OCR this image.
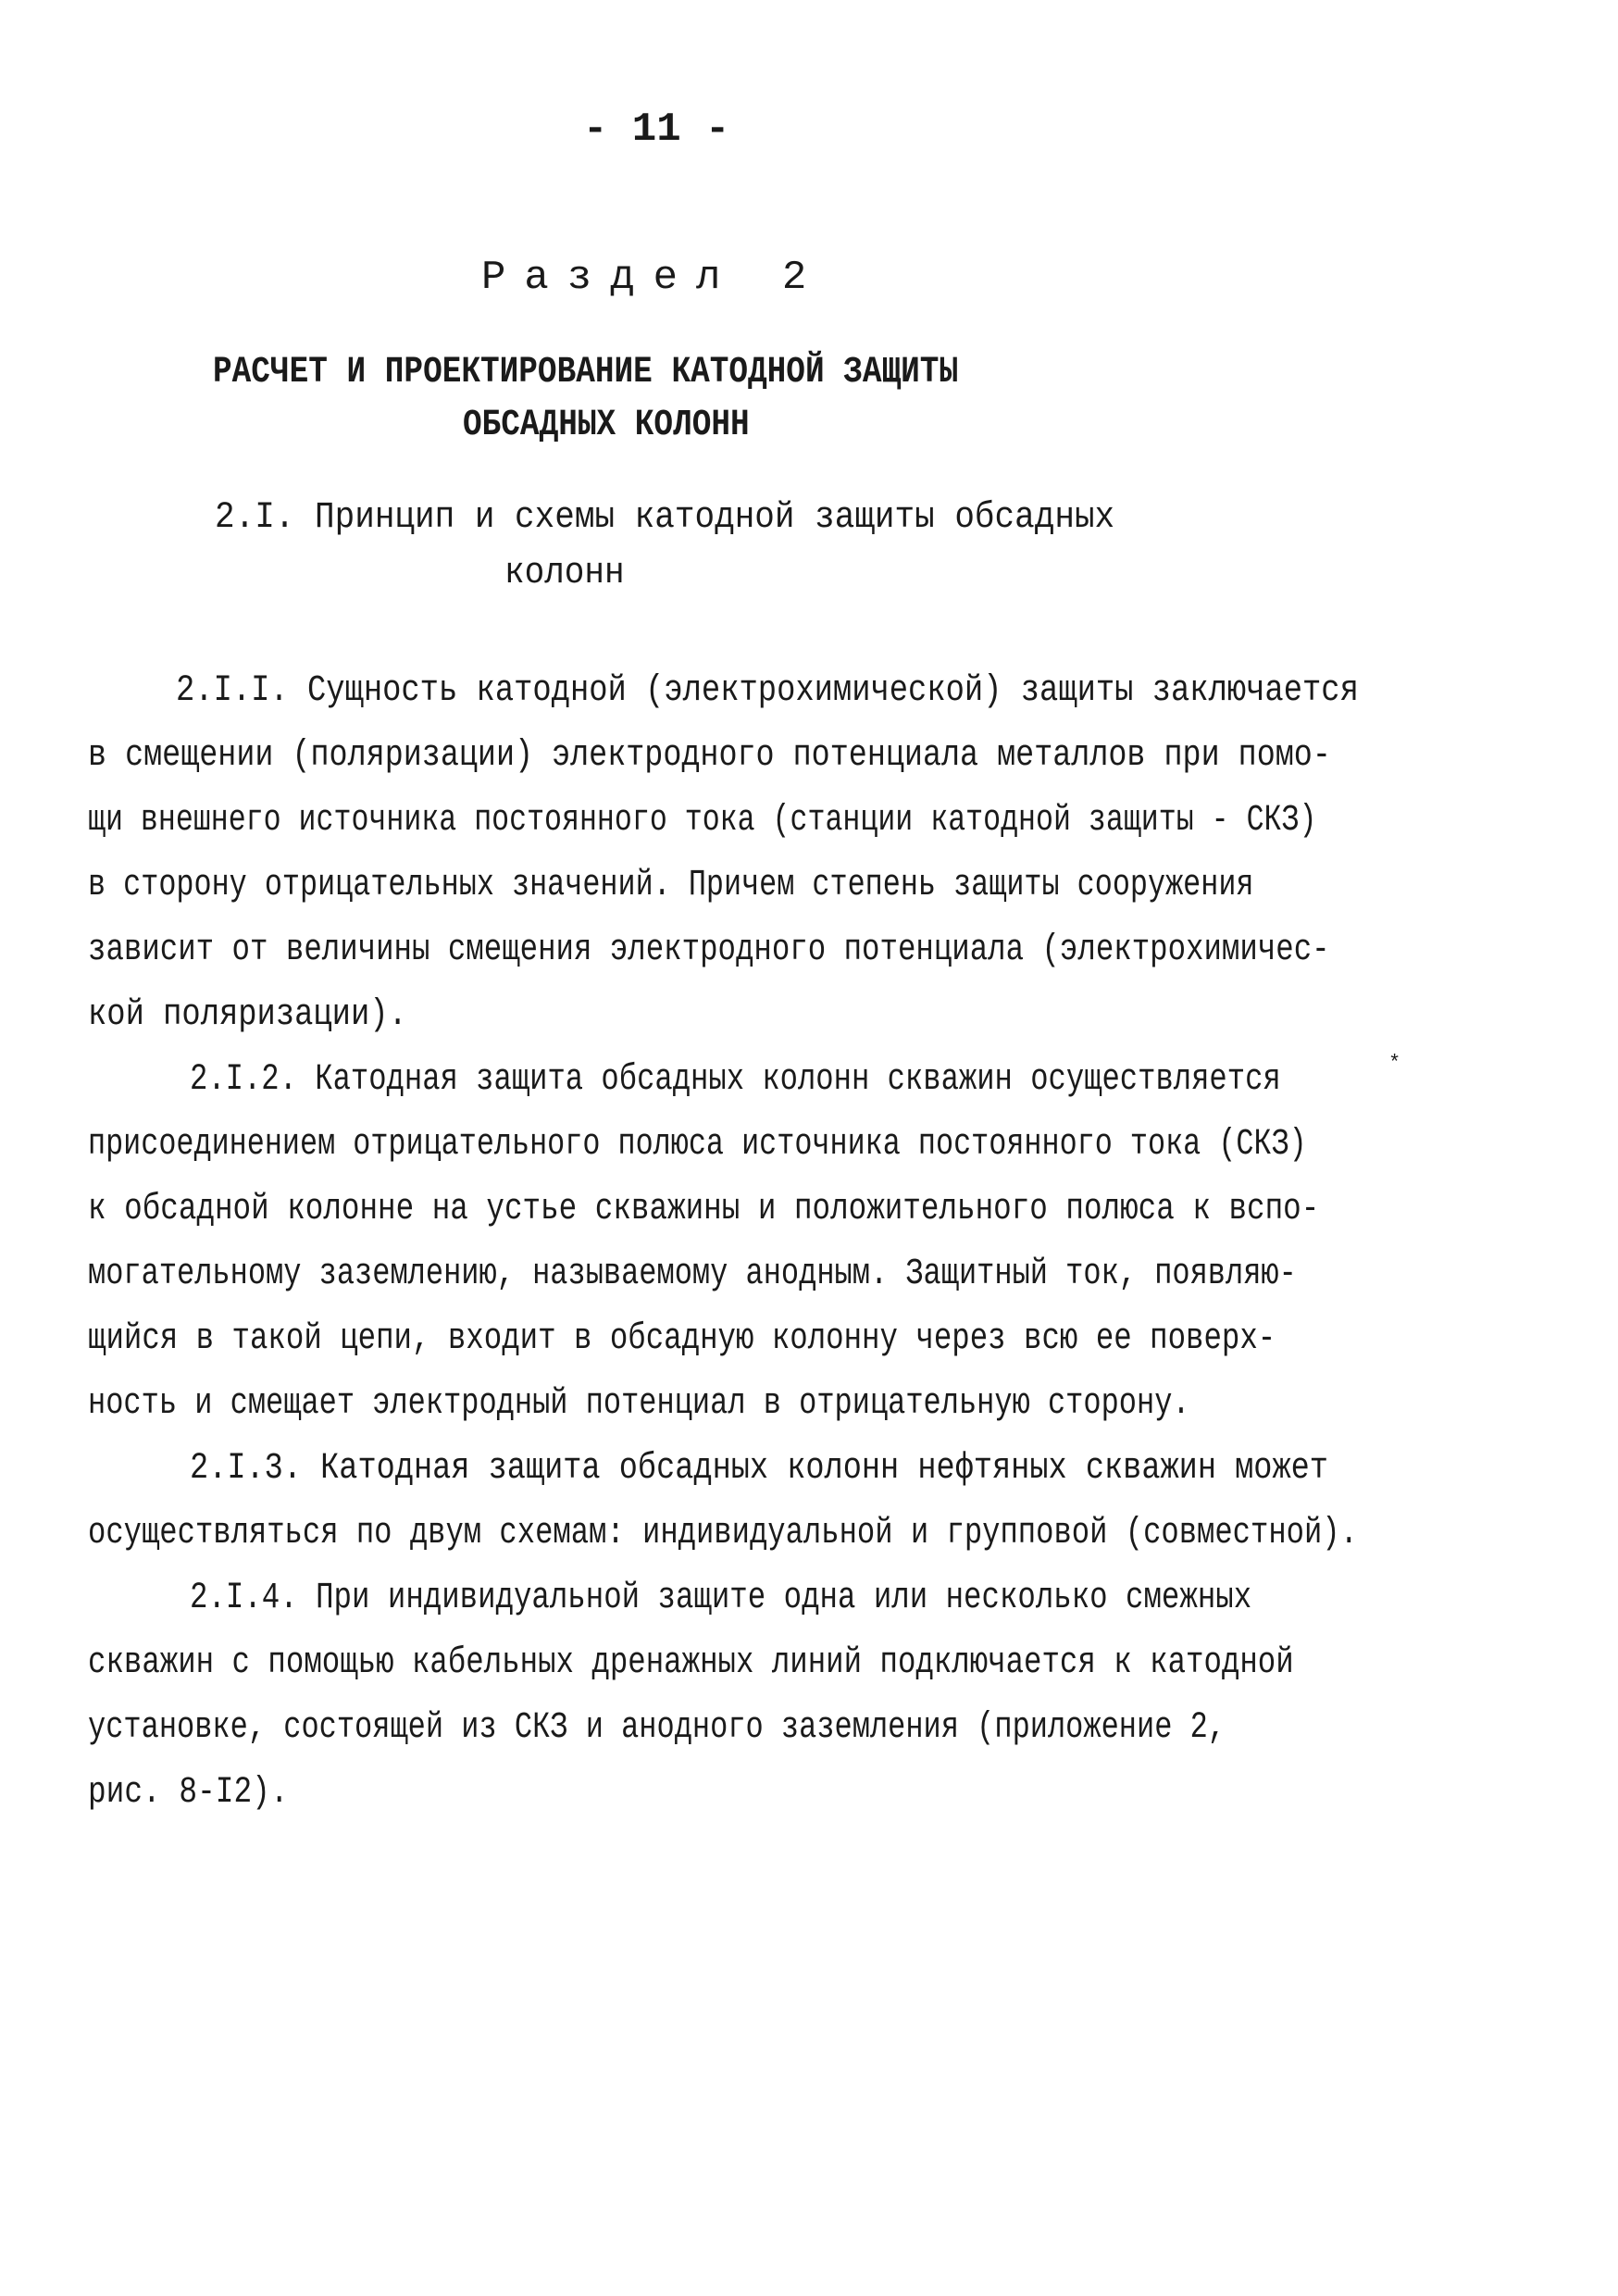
- 11 -
Раздел 2
РАСЧЕТ И ПРОЕКТИРОВАНИЕ КАТОДНОЙ ЗАЩИТЫ
ОБСАДНЫХ КОЛОНН
2.I. Принцип и схемы катодной защиты обсадных
колонн
2.I.I. Сущность катодной (электрохимической) защиты заключается
в смещении (поляризации) электродного потенциала металлов при помо-
щи внешнего источника постоянного тока (станции катодной защиты - СКЗ)
в сторону отрицательных значений. Причем степень защиты сооружения
зависит от величины смещения электродного потенциала (электрохимичес-
кой поляризации).
2.I.2. Катодная защита обсадных колонн скважин осуществляется	*
присоединением отрицательного полюса источника постоянного тока (СКЗ)
к обсадной колонне на устье скважины и положительного полюса к вспо-
могательному заземлению, называемому анодным. Защитный ток, появляю-
щийся в такой цепи, входит в обсадную колонну через всю ее поверх-
ность и смещает электродный потенциал в отрицательную сторону.
2.I.3. Катодная защита обсадных колонн нефтяных скважин может
осуществляться по двум схемам: индивидуальной и групповой (совместной).
2.I.4. При индивидуальной защите одна или несколько смежных
скважин с помощью кабельных дренажных линий подключается к катодной
установке, состоящей из СКЗ и анодного заземления (приложение 2,
рис. 8-I2).
